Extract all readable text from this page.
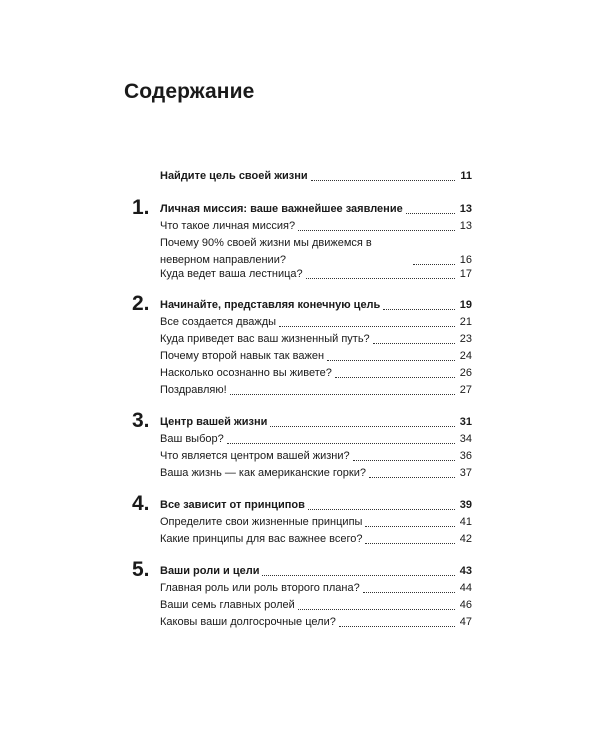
Содержание
Найдите цель своей жизни	11
1. Личная миссия: ваше важнейшее заявление	13
Что такое личная миссия?	13
Почему 90% своей жизни мы движемся в неверном направлении?	16
Куда ведет ваша лестница?	17
2. Начинайте, представляя конечную цель	19
Все создается дважды	21
Куда приведет вас ваш жизненный путь?	23
Почему второй навык так важен	24
Насколько осознанно вы живете?	26
Поздравляю!	27
3. Центр вашей жизни	31
Ваш выбор?	34
Что является центром вашей жизни?	36
Ваша жизнь — как американские горки?	37
4. Все зависит от принципов	39
Определите свои жизненные принципы	41
Какие принципы для вас важнее всего?	42
5. Ваши роли и цели	43
Главная роль или роль второго плана?	44
Ваши семь главных ролей	46
Каковы ваши долгосрочные цели?	47
